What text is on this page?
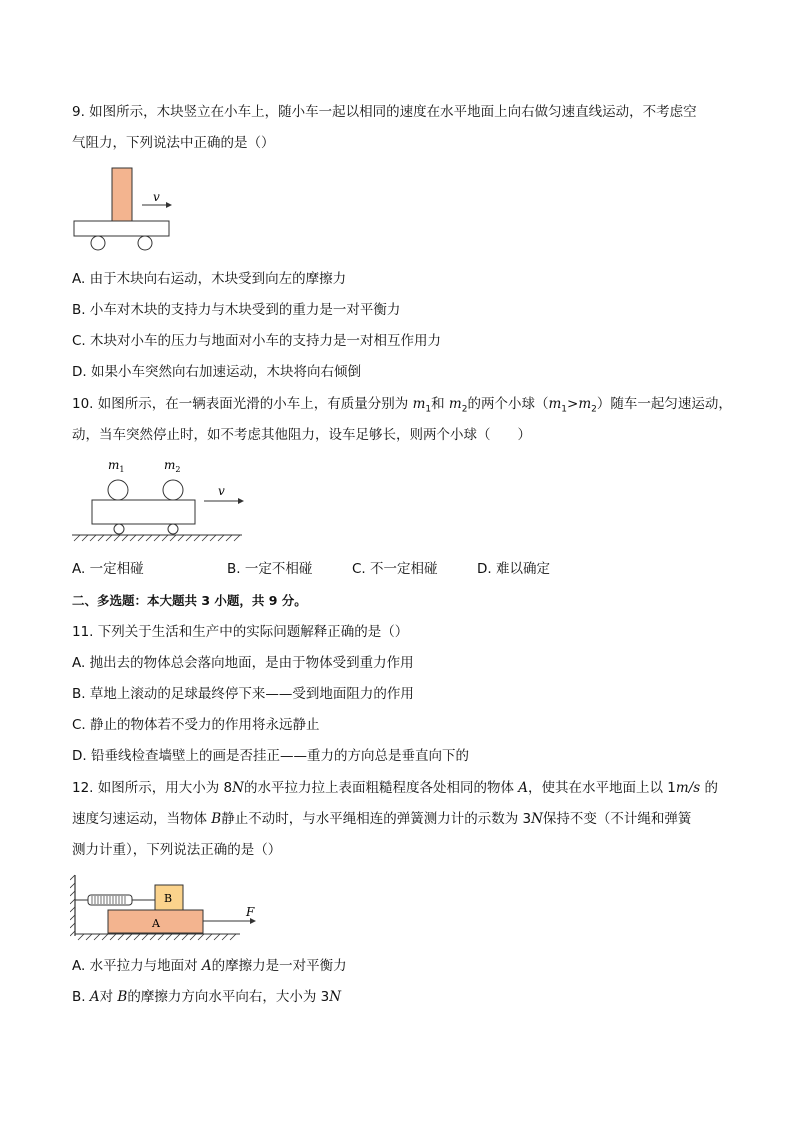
9. 如图所示，木块竖立在小车上，随小车一起以相同的速度在水平地面上向右做匀速直线运动，不考虑空
气阻力，下列说法中正确的是（）
v
A. 由于木块向右运动，木块受到向左的摩擦力
B. 小车对木块的支持力与木块受到的重力是一对平衡力
C. 木块对小车的压力与地面对小车的支持力是一对相互作用力
D. 如果小车突然向右加速运动，木块将向右倾倒
10. 如图所示，在一辆表面光滑的小车上，有质量分别为 $m_1$和 $m_2$的两个小球$(m_1>m_2)$随车一起匀速运动，
动，当车突然停止时，如不考虑其他阻力，设车足够长，则两个小球（　　）
$m_1$	$m_2$
v
A. 一定相碰	B. 一定不相碰	C. 不一定相碰	D. 难以确定
二、多选题：本大题共 3 小题，共 9 分。
11. 下列关于生活和生产中的实际问题解释正确的是（）
A. 抛出去的物体总会落向地面，是由于物体受到重力作用
B. 草地上滚动的足球最终停下来——受到地面阻力的作用
C. 静止的物体若不受力的作用将永远静止
D. 铅垂线检查墙壁上的画是否挂正——重力的方向总是垂直向下的
12. 如图所示，用大小为 8N的水平拉力拉上表面粗糙程度各处相同的物体 A，使其在水平地面上以 1m/s 的
速度匀速运动，当物体 B静止不动时，与水平绳相连的弹簧测力计的示数为 3N保持不变（不计绳和弹簧
测力计重），下列说法正确的是（）
B
A
F
A. 水平拉力与地面对 A的摩擦力是一对平衡力
B. A对 B的摩擦力方向水平向右，大小为 3N
